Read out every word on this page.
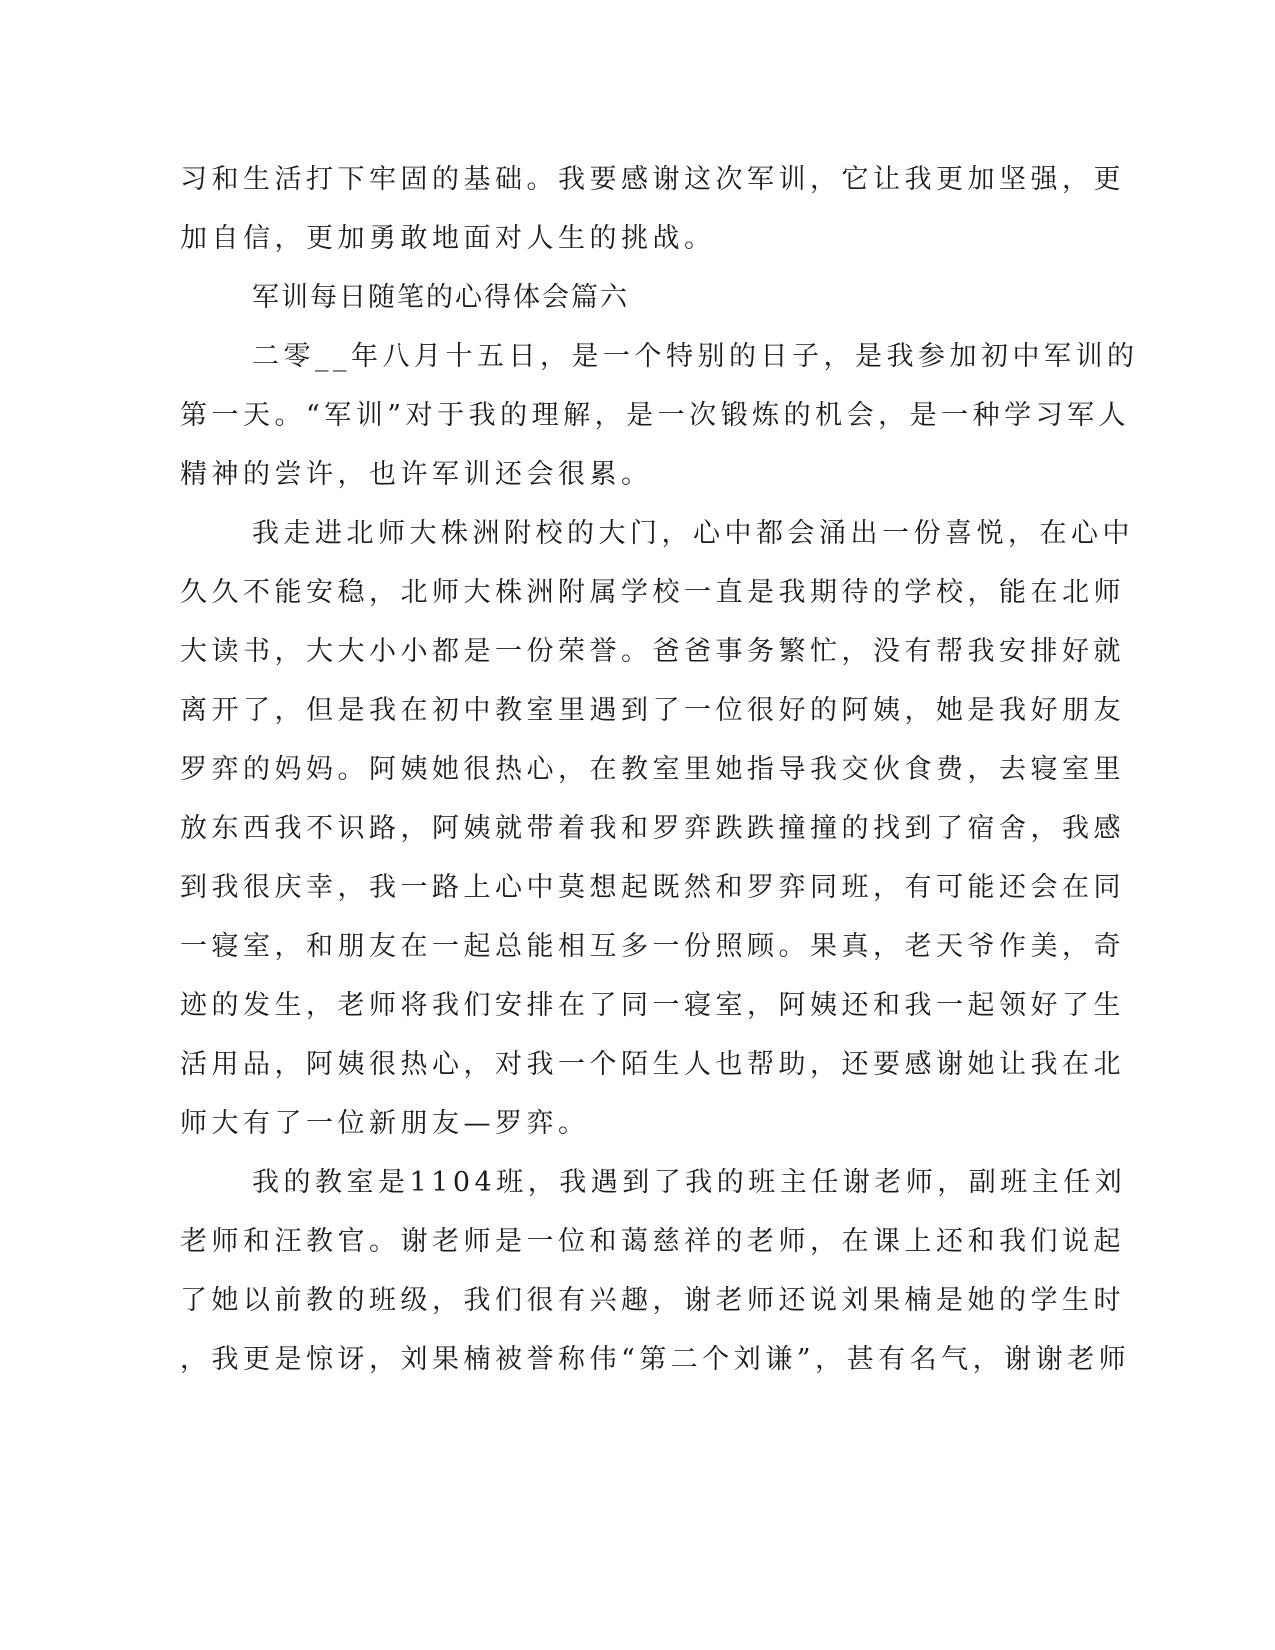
习和生活打下牢固的基础。我要感谢这次军训，它让我更加坚强，更
加自信，更加勇敢地面对人生的挑战。
军训每日随笔的心得体会篇六
二零__年八月十五日，是一个特别的日子，是我参加初中军训的
第一天。“军训”对于我的理解，是一次锻炼的机会，是一种学习军人
精神的尝许，也许军训还会很累。
我走进北师大株洲附校的大门，心中都会涌出一份喜悦，在心中
久久不能安稳，北师大株洲附属学校一直是我期待的学校，能在北师
大读书，大大小小都是一份荣誉。爸爸事务繁忙，没有帮我安排好就
离开了，但是我在初中教室里遇到了一位很好的阿姨，她是我好朋友
罗弈的妈妈。阿姨她很热心，在教室里她指导我交伙食费，去寝室里
放东西我不识路，阿姨就带着我和罗弈跌跌撞撞的找到了宿舍，我感
到我很庆幸，我一路上心中莫想起既然和罗弈同班，有可能还会在同
一寝室，和朋友在一起总能相互多一份照顾。果真，老天爷作美，奇
迹的发生，老师将我们安排在了同一寝室，阿姨还和我一起领好了生
活用品，阿姨很热心，对我一个陌生人也帮助，还要感谢她让我在北
师大有了一位新朋友—罗弈。
我的教室是1104班，我遇到了我的班主任谢老师，副班主任刘
老师和汪教官。谢老师是一位和蔼慈祥的老师，在课上还和我们说起
了她以前教的班级，我们很有兴趣，谢老师还说刘果楠是她的学生时
，我更是惊讶，刘果楠被誉称伟“第二个刘谦”，甚有名气，谢谢老师
